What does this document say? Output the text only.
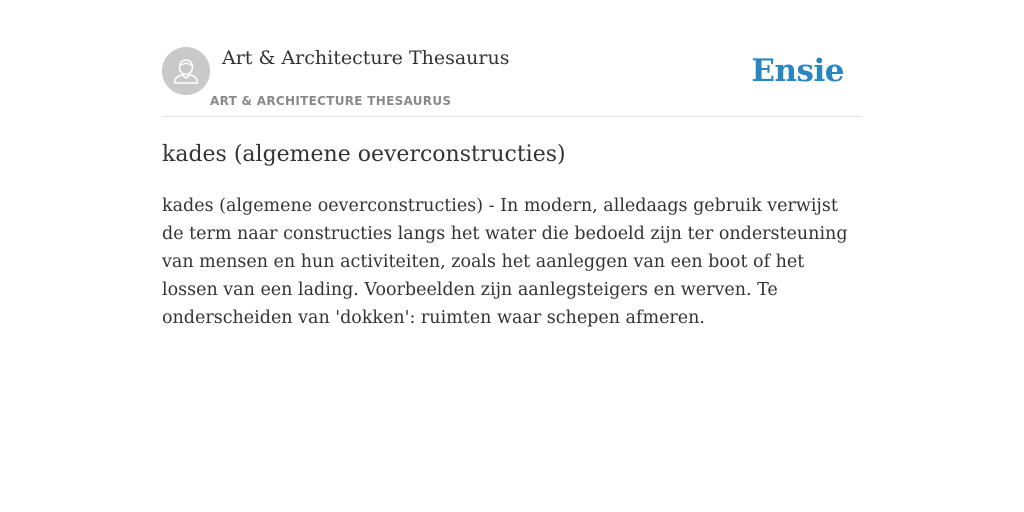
Art & Architecture Thesaurus
ART & ARCHITECTURE THESAURUS
Ensie
kades (algemene oeverconstructies)

kades (algemene oeverconstructies) - In modern, alledaags gebruik verwijst de term naar constructies langs het water die bedoeld zijn ter ondersteuning van mensen en hun activiteiten, zoals het aanleggen van een boot of het lossen van een lading. Voorbeelden zijn aanlegsteigers en werven. Te onderscheiden van 'dokken': ruimten waar schepen afmeren.
